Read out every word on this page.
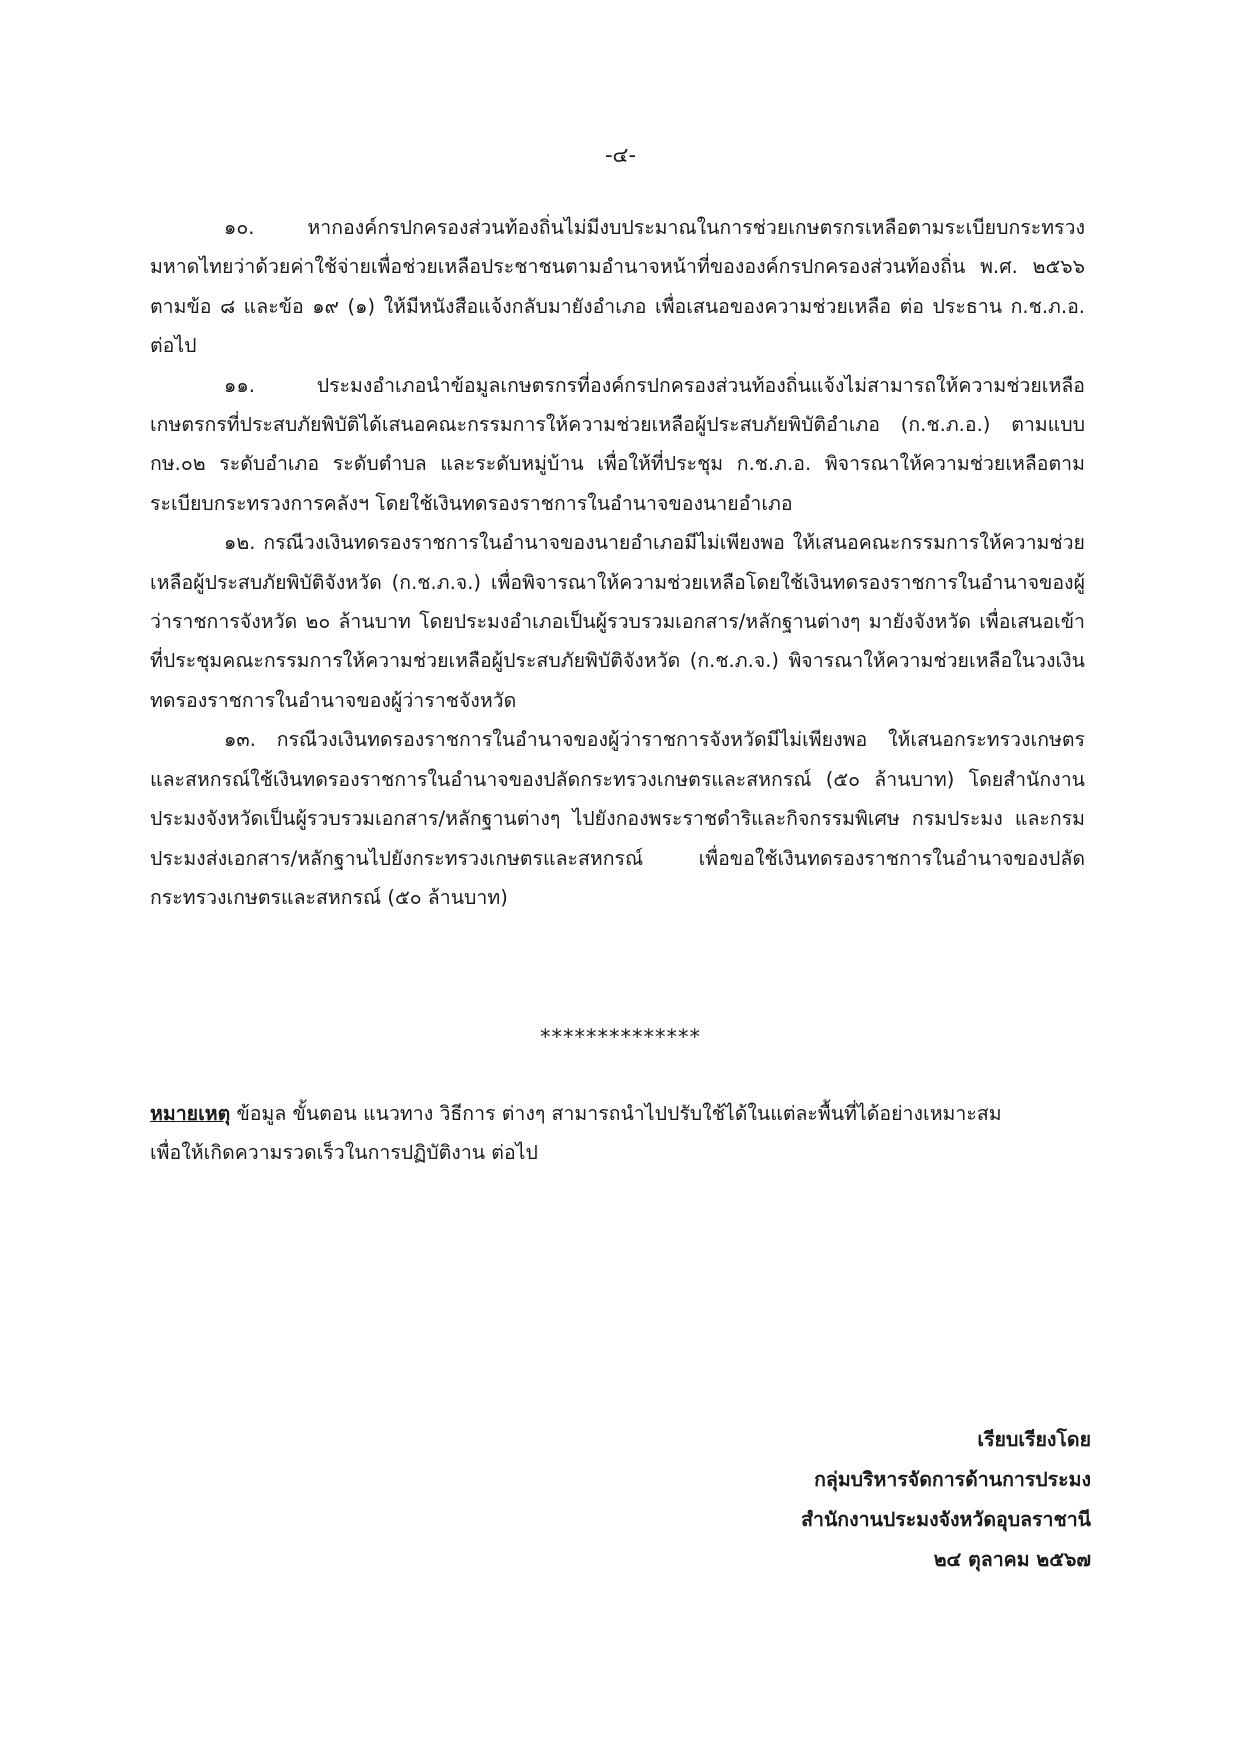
-๔-

๑๐. หากองค์กรปกครองส่วนท้องถิ่นไม่มีงบประมาณในการช่วยเกษตรกรเหลือตามระเบียบกระทรวงมหาดไทยว่าด้วยค่าใช้จ่ายเพื่อช่วยเหลือประชาชนตามอำนาจหน้าที่ขององค์กรปกครองส่วนท้องถิ่น พ.ศ. ๒๕๖๖ ตามข้อ ๘ และข้อ ๑๙ (๑) ให้มีหนังสือแจ้งกลับมายังอำเภอ เพื่อเสนอของความช่วยเหลือ ต่อ ประธาน ก.ช.ภ.อ. ต่อไป

๑๑. ประมงอำเภอนำข้อมูลเกษตรกรที่องค์กรปกครองส่วนท้องถิ่นแจ้งไม่สามารถให้ความช่วยเหลือเกษตรกรที่ประสบภัยพิบัติได้เสนอคณะกรรมการให้ความช่วยเหลือผู้ประสบภัยพิบัติอำเภอ (ก.ช.ภ.อ.) ตามแบบ กษ.๐๒ ระดับอำเภอ ระดับตำบล และระดับหมู่บ้าน เพื่อให้ที่ประชุม ก.ช.ภ.อ. พิจารณาให้ความช่วยเหลือตามระเบียบกระทรวงการคลังฯ โดยใช้เงินทดรองราชการในอำนาจของนายอำเภอ

๑๒. กรณีวงเงินทดรองราชการในอำนาจของนายอำเภอมีไม่เพียงพอ ให้เสนอคณะกรรมการให้ความช่วยเหลือผู้ประสบภัยพิบัติจังหวัด (ก.ช.ภ.จ.) เพื่อพิจารณาให้ความช่วยเหลือโดยใช้เงินทดรองราชการในอำนาจของผู้ว่าราชการจังหวัด ๒๐ ล้านบาท โดยประมงอำเภอเป็นผู้รวบรวมเอกสาร/หลักฐานต่างๆ มายังจังหวัด เพื่อเสนอเข้าที่ประชุมคณะกรรมการให้ความช่วยเหลือผู้ประสบภัยพิบัติจังหวัด (ก.ช.ภ.จ.) พิจารณาให้ความช่วยเหลือในวงเงินทดรองราชการในอำนาจของผู้ว่าราชจังหวัด

๑๓. กรณีวงเงินทดรองราชการในอำนาจของผู้ว่าราชการจังหวัดมีไม่เพียงพอ ให้เสนอกระทรวงเกษตรและสหกรณ์ใช้เงินทดรองราชการในอำนาจของปลัดกระทรวงเกษตรและสหกรณ์ (๕๐ ล้านบาท) โดยสำนักงานประมงจังหวัดเป็นผู้รวบรวมเอกสาร/หลักฐานต่างๆ ไปยังกองพระราชดำริและกิจกรรมพิเศษ กรมประมง และกรมประมงส่งเอกสาร/หลักฐานไปยังกระทรวงเกษตรและสหกรณ์ เพื่อขอใช้เงินทดรองราชการในอำนาจของปลัดกระทรวงเกษตรและสหกรณ์ (๕๐ ล้านบาท)

**************

หมายเหตุ ข้อมูล ขั้นตอน แนวทาง วิธีการ ต่างๆ สามารถนำไปปรับใช้ได้ในแต่ละพื้นที่ได้อย่างเหมาะสม

เพื่อให้เกิดความรวดเร็วในการปฏิบัติงาน ต่อไป

เรียบเรียงโดย
กลุ่มบริหารจัดการด้านการประมง
สำนักงานประมงจังหวัดอุบลราชานี
๒๔ ตุลาคม ๒๕๖๗
